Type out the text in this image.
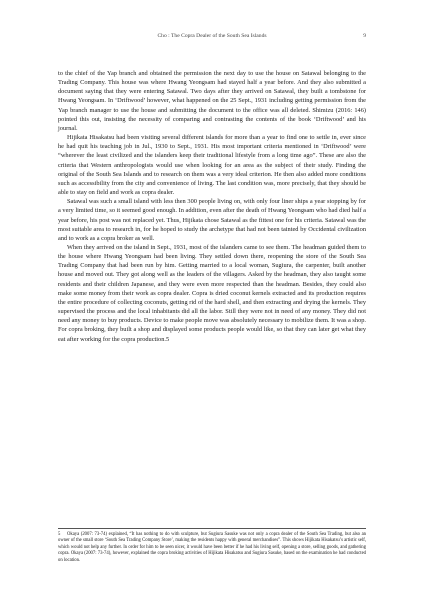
Cho : The Copra Dealer of the South Sea Islands	9

to the chief of the Yap branch and obtained the permission the next day to use the house on Satawal belonging to the Trading Company. This house was where Hwang Yeongsam had stayed half a year before. And they also submitted a document saying that they were entering Satawal. Two days after they arrived on Satawal, they built a tombstone for Hwang Yeongsam. In ‘Driftwood’ however, what happened on the 25 Sept., 1931 including getting permission from the Yap branch manager to use the house and submitting the document to the office was all deleted. Shimizu (2016: 146) pointed this out, insisting the necessity of comparing and contrasting the contents of the book ‘Driftwood’ and his journal.

Hijikata Hisakatsu had been visiting several different islands for more than a year to find one to settle in, ever since he had quit his teaching job in Jul., 1930 to Sept., 1931. His most important criteria mentioned in ‘Driftwood’ were “wherever the least civilized and the islanders keep their traditional lifestyle from a long time ago”. These are also the criteria that Western anthropologists would use when looking for an area as the subject of their study. Finding the original of the South Sea Islands and to research on them was a very ideal criterion. He then also added more conditions such as accessibility from the city and convenience of living. The last condition was, more precisely, that they should be able to stay on field and work as copra dealer.

Satawal was such a small island with less then 300 people living on, with only four liner ships a year stopping by for a very limited time, so it seemed good enough. In addition, even after the death of Hwang Yeongsam who had died half a year before, his post was not replaced yet. Thus, Hijikata chose Satawal as the fittest one for his criteria. Satawal was the most suitable area to research in, for he hoped to study the archetype that had not been tainted by Occidental civilization and to work as a copra broker as well.

When they arrived on the island in Sept., 1931, most of the islanders came to see them. The headman guided them to the house where Hwang Yeongsam had been living. They settled down there, reopening the store of the South Sea Trading Company that had been run by him. Getting married to a local woman, Sugiura, the carpenter, built another house and moved out. They got along well as the leaders of the villagers. Asked by the headman, they also taught some residents and their children Japanese, and they were even more respected than the headman. Besides, they could also make some money from their work as copra dealer. Copra is dried coconut kernels extracted and its production requires the entire procedure of collecting coconuts, getting rid of the hard shell, and then extracting and drying the kernels. They supervised the process and the local inhabitants did all the labor. Still they were not in need of any money. They did not need any money to buy products. Device to make people move was absolutely necessary to mobilize them. It was a shop. For copra broking, they built a shop and displayed some products people would like, so that they can later get what they eat after working for the copra production.5

5 Okaya (2007: 73-74) explained, “It has nothing to do with sculpture, but Sugiura Sasuke was not only a copra dealer of the South Sea Trading, but also an owner of the small store ‘South Sea Trading Company Store’, making the residents happy with general merchandises”. This shows Hijikata Hisakatsu’s artistic self, which would not help any further. In order for him to be seen nicer, it would have been better if he had his living self, opening a store, selling goods, and gathering copra. Okaya (2007: 73-74), however, explained the copra broking activities of Hijikata Hisakatsu and Sugiura Sasuke, based on the examination he had conducted on location.
